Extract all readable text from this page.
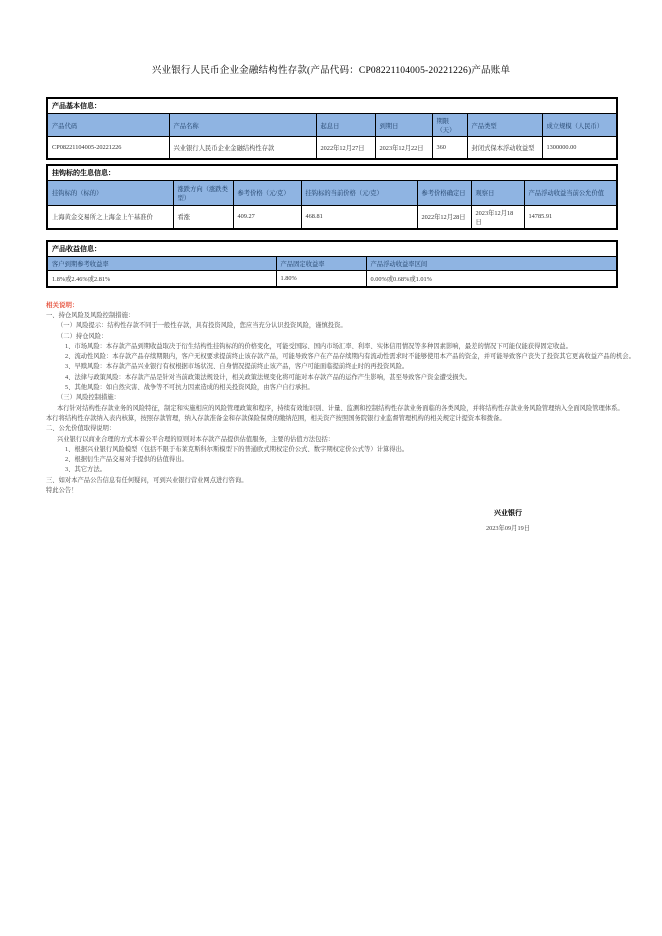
兴业银行人民币企业金融结构性存款(产品代码：CP08221104005-20221226)产品账单
产品基本信息：						
产品代码	产品名称	起息日	到期日	期限（天）	产品类型	成立规模（人民币）
CP08221104005-20221226	兴业银行人民币企业金融结构性存款	2022年12月27日	2023年12月22日	360	封闭式保本浮动收益型	1300000.00
挂钩标的生息信息：						
挂钩标的（标的）	涨跌方向（涨跌类型）	参考价格（元/克）	挂钩标的当前价格（元/克）	参考价格确定日	观察日	产品浮动收益当前公允价值
上海黄金交易所之上海金上午基准价	看涨	409.27	468.81	2022年12月28日	2023年12月18日	14785.91
产品收益信息：		
客户到期参考收益率	产品固定收益率	产品浮动收益率区间
1.8%或2.46%或2.81%	1.80%	0.00%或0.68%或1.01%
相关说明：
一、持仓风险及风险控制措施：
（一）风险提示：结构性存款不同于一般性存款，具有投资风险，您应当充分认识投资风险，谨慎投资。
（二）持仓风险：
1、市场风险：本存款产品到期收益取决于衍生结构性挂钩标的的价格变化，可能受国际、国内市场汇率、利率、实体信用情况等多种因素影响，最差的情况下可能仅能获得固定收益。
2、流动性风险：本存款产品存续期限内，客户无权要求提前终止该存款产品，可能导致客户在产品存续期内有流动性需求时不能够使用本产品的资金，并可能导致客户丧失了投资其它更高收益产品的机会。
3、早赎风险：本存款产品兴业银行有权根据市场状况、自身情况提前终止该产品，客户可能面临提前终止时的再投资风险。
4、法律与政策风险：本存款产品是针对当前政策法规设计，相关政策法规变化将可能对本存款产品的运作产生影响，甚至导致客户资金遭受损失。
5、其他风险：如自然灾害、战争等不可抗力因素造成的相关投资风险，由客户自行承担。
（三）风险控制措施：
本行针对结构性存款业务的风险特征，制定和实施相应的风险管理政策和程序，持续有效地识别、计量、监测和控制结构性存款业务面临的各类风险，并将结构性存款业务风险管理纳入全面风险管理体系。
本行将结构性存款纳入表内核算，按照存款管理，纳入存款准备金和存款保险保费的缴纳范围，相关资产按照国务院银行业监督管理机构的相关规定计提资本和拨备。
二、公允价值取得说明：
兴业银行以商业合理的方式本着公平合理的原则对本存款产品提供估值服务，主要的估值方法包括：
1、根据兴业银行风险模型（包括不限于布莱克斯科尔斯模型下的普通欧式期权定价公式、数字期权定价公式等）计算得出。
2、根据衍生产品交易对手提供的估值得出。
3、其它方法。
三、如对本产品公告信息有任何疑问，可到兴业银行营业网点进行咨询。
特此公告！
兴业银行
2023年09月19日
